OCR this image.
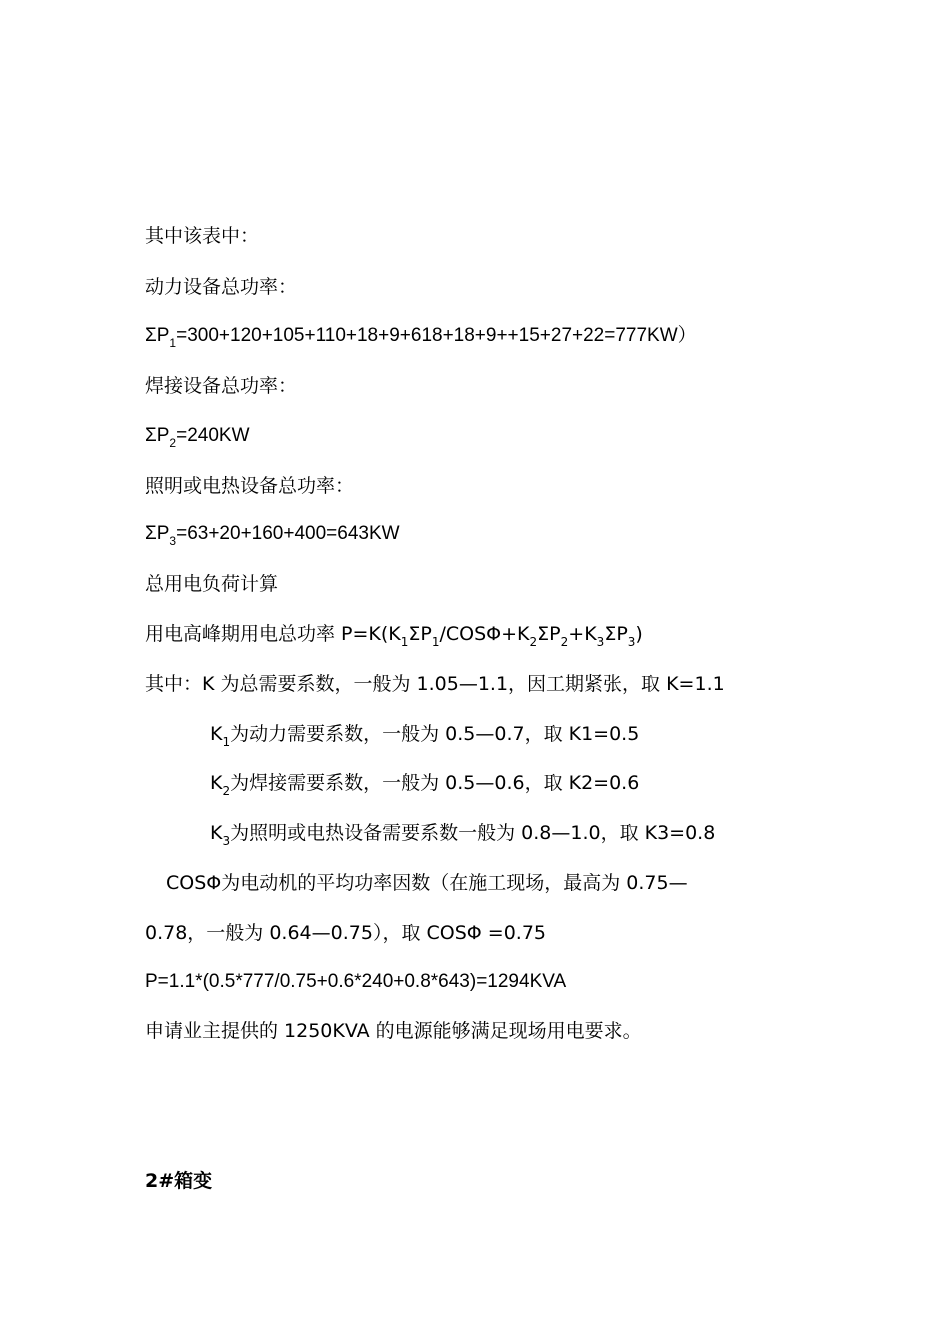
其中该表中：
动力设备总功率：
$\Sigma P_1=300+120+105+110+18+9+618+18+9++15+27+22=777KW$）
焊接设备总功率：
$\Sigma P_2=240KW$
照明或电热设备总功率：
$\Sigma P_3=63+20+160+400=643KW$
总用电负荷计算
用电高峰期用电总功率 $P=K(K_1\Sigma P_1/COS\Phi+K_2\Sigma P_2+K_3\Sigma P_3)$
其中：K 为总需要系数，一般为 1.05—1.1，因工期紧张，取 K=1.1
$K_1$为动力需要系数，一般为 0.5—0.7，取 K1=0.5
$K_2$为焊接需要系数，一般为 0.5—0.6，取 K2=0.6
$K_3$为照明或电热设备需要系数一般为 0.8—1.0，取 K3=0.8
COSΦ为电动机的平均功率因数（在施工现场，最高为 0.75—
0.78，一般为 0.64—0.75），取 COSΦ =0.75
P=1.1*(0.5*777/0.75+0.6*240+0.8*643)=1294KVA
申请业主提供的 1250KVA 的电源能够满足现场用电要求。
2#箱变
